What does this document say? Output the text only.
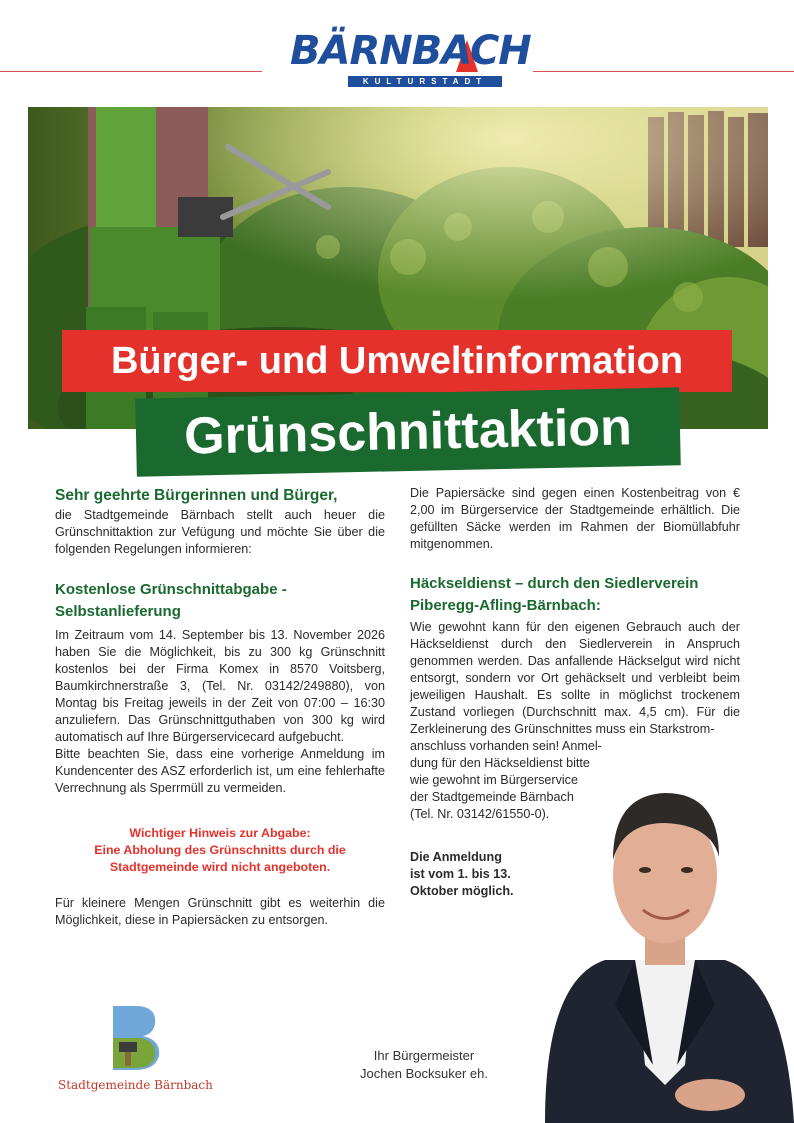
BÄRNBACH
KULTURSTADT
Bürger- und Umweltinformation
Grünschnittaktion

Sehr geehrte Bürgerinnen und Bürger,

die Stadtgemeinde Bärnbach stellt auch heuer die Grünschnittaktion zur Vefügung und möchte Sie über die folgenden Regelungen informieren:

Kostenlose Grünschnittabgabe - Selbstanlieferung

Im Zeitraum vom 14. September bis 13. November 2026 haben Sie die Möglichkeit, bis zu 300 kg Grünschnitt kostenlos bei der Firma Komex in 8570 Voitsberg, Baumkirchnerstraße 3, (Tel. Nr. 03142/249880), von Montag bis Freitag jeweils in der Zeit von 07:00 – 16:30 anzuliefern. Das Grünschnittguthaben von 300 kg wird automatisch auf Ihre Bürgerservicecard aufgebucht.

Bitte beachten Sie, dass eine vorherige Anmeldung im Kundencenter des ASZ erforderlich ist, um eine fehlerhafte Verrechnung als Sperrmüll zu vermeiden.

Wichtiger Hinweis zur Abgabe:
Eine Abholung des Grünschnitts durch die Stadtgemeinde wird nicht angeboten.

Für kleinere Mengen Grünschnitt gibt es weiterhin die Möglichkeit, diese in Papiersäcken zu entsorgen.

Die Papiersäcke sind gegen einen Kostenbeitrag von € 2,00 im Bürgerservice der Stadtgemeinde erhältlich. Die gefüllten Säcke werden im Rahmen der Biomüllabfuhr mitgenommen.

Häckseldienst – durch den Siedlerverein Piberegg-Afling-Bärnbach:

Wie gewohnt kann für den eigenen Gebrauch auch der Häckseldienst durch den Siedlerverein in Anspruch genommen werden. Das anfallende Häckselgut wird nicht entsorgt, sondern vor Ort gehäckselt und verbleibt beim jeweiligen Haushalt. Es sollte in möglichst trockenem Zustand vorliegen (Durchschnitt max. 4,5 cm). Für die Zerkleinerung des Grünschnittes muss ein Starkstrom-

anschluss vorhanden sein! Anmel-
dung für den Häckseldienst bitte
wie gewohnt im Bürgerservice
der Stadtgemeinde Bärnbach
(Tel. Nr. 03142/61550-0).
Die Anmeldung
ist vom 1. bis 13.
Oktober möglich.
Stadtgemeinde Bärnbach
Ihr Bürgermeister
Jochen Bocksuker eh.
